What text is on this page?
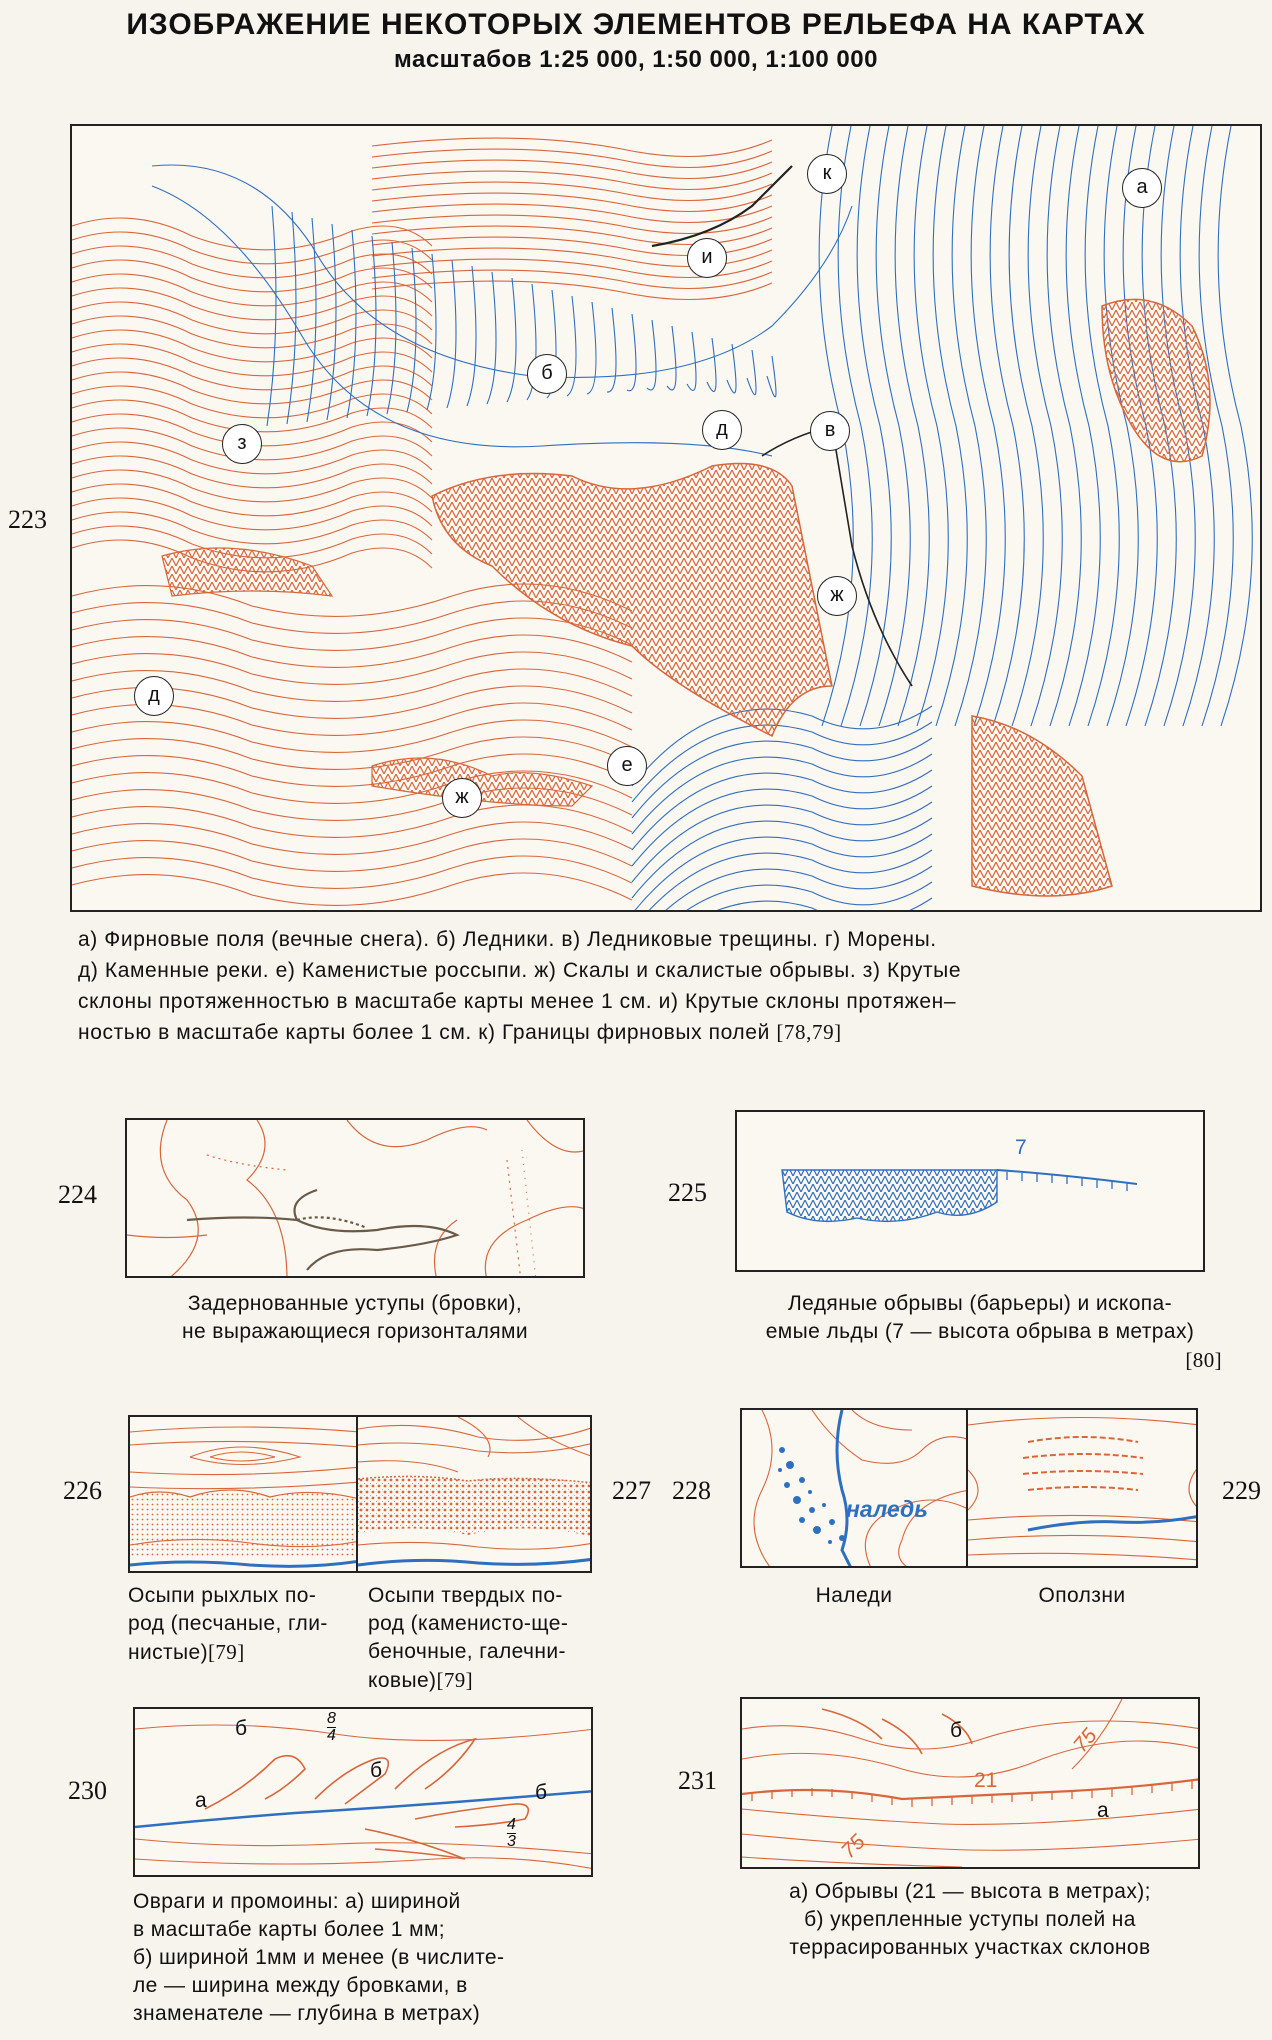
ИЗОБРАЖЕНИЕ НЕКОТОРЫХ ЭЛЕМЕНТОВ РЕЛЬЕФА НА КАРТАХ
масштабов 1:25 000, 1:50 000, 1:100 000
223
к
а
и
б
д	в
з
ж
д
е
ж

а) Фирновые поля (вечные снега). б) Ледники. в) Ледниковые трещины. г) Морены.

д) Каменные реки. е) Каменистые россыпи. ж) Скалы и скалистые обрывы. з) Крутые

склоны протяженностью в масштабе карты менее 1 см. и) Крутые склоны протяжен–

ностью в масштабе карты более 1 см. к) Границы фирновых полей [78,79]

224
Задернованные уступы (бровки),
не выражающиеся горизонталями
225
7
Ледяные обрывы (барьеры) и ископа-
емые льды (7 — высота обрыва в метрах)
[80]
226	227
Осыпи рыхлых по-
род (песчаные, гли-
нистые)[79]
Осыпи твердых по-
род (каменисто-ще-
беночные, галечни-
ковые)[79]
228	229
наледь
Наледи	Оползни
230
б
б
б
а
$\frac{8}{4}$
$\frac{4}{3}$
Овраги и промоины: а) шириной
в масштабе карты более 1 мм;
б) шириной 1мм и менее (в числите-
ле — ширина между бровками, в
знаменателе — глубина в метрах)
231
б
21
а
75
75
а) Обрывы (21 — высота в метрах);
б) укрепленные уступы полей на
террасированных участках склонов
